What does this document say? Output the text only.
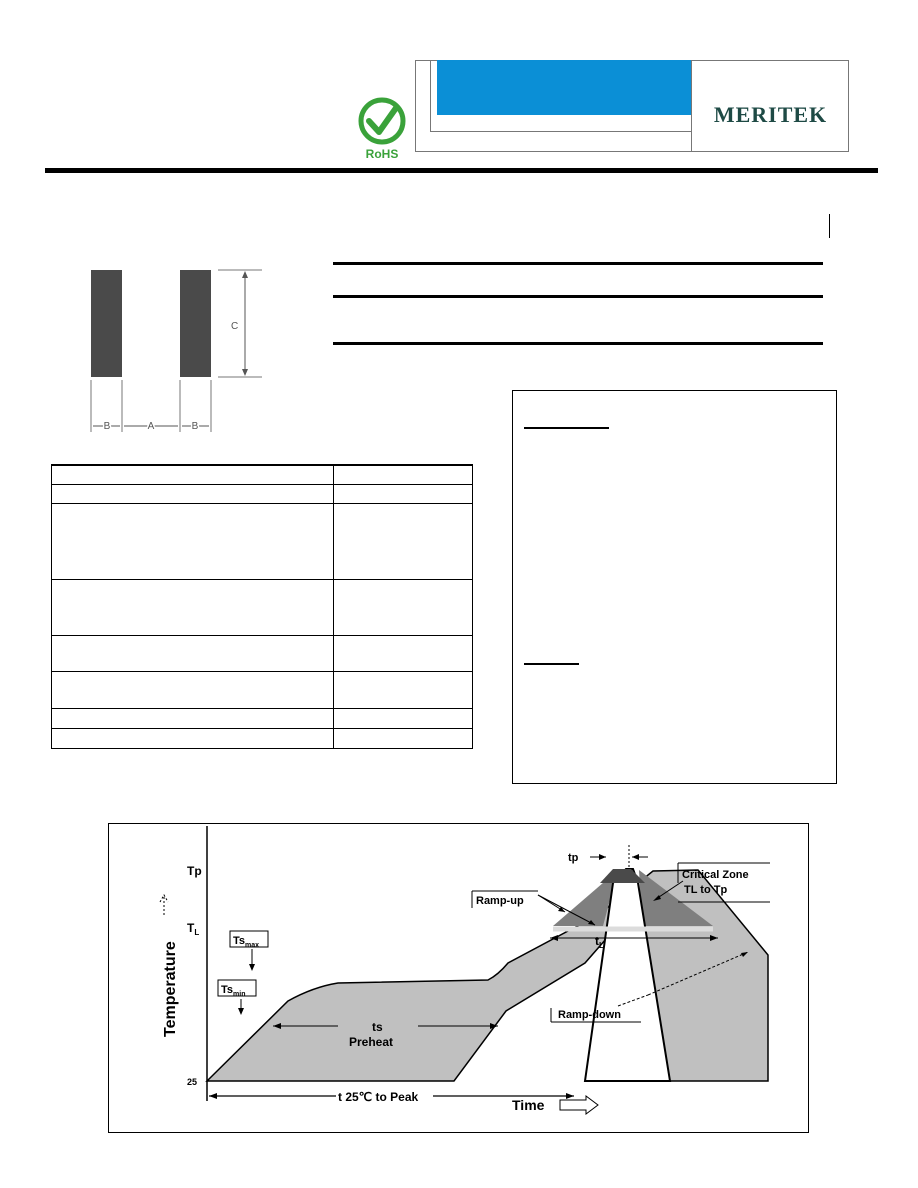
MERITEK
RoHS
C
B	A	B

Tp
$T_L$
25
Temperature
t 25℃ to Peak	Time
tp
Critical Zone
TL to Tp
Ramp-up
$t_L$
Ramp-down
$Ts_{max}$
$Ts_{min}$
ts
Preheat
